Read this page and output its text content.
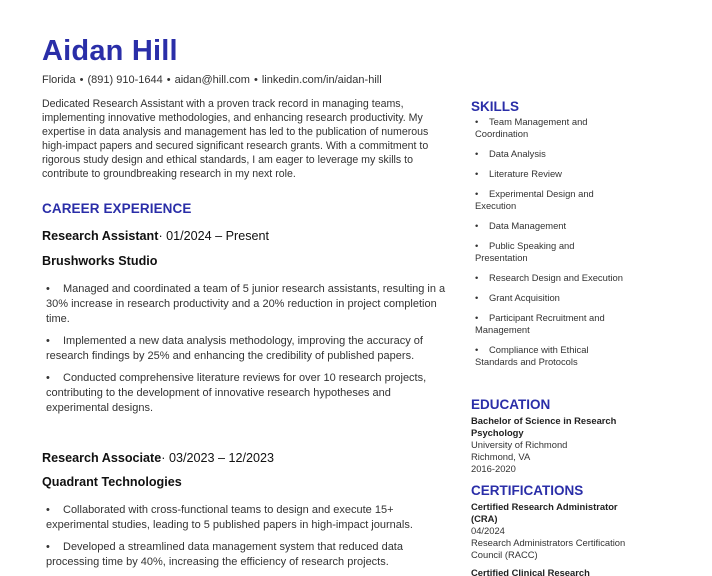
Aidan Hill
Florida • (891) 910-1644 • aidan@hill.com • linkedin.com/in/aidan-hill

Dedicated Research Assistant with a proven track record in managing teams, implementing innovative methodologies, and enhancing research productivity. My expertise in data analysis and management has led to the publication of numerous high-impact papers and secured significant research grants. With a commitment to rigorous study design and ethical standards, I am eager to leverage my skills to contribute to groundbreaking research in my next role.

CAREER EXPERIENCE

Research Assistant· 01/2024 – Present

Brushworks Studio

• Managed and coordinated a team of 5 junior research assistants, resulting in a 30% increase in research productivity and a 20% reduction in project completion time.
• Implemented a new data analysis methodology, improving the accuracy of research findings by 25% and enhancing the credibility of published papers.
• Conducted comprehensive literature reviews for over 10 research projects, contributing to the development of innovative research hypotheses and experimental designs.

Research Associate· 03/2023 – 12/2023

Quadrant Technologies

• Collaborated with cross-functional teams to design and execute 15+ experimental studies, leading to 5 published papers in high-impact journals.
• Developed a streamlined data management system that reduced data processing time by 40%, increasing the efficiency of research projects.
SKILLS
• Team Management and Coordination
• Data Analysis
• Literature Review
• Experimental Design and Execution
• Data Management
• Public Speaking and Presentation
• Research Design and Execution
• Grant Acquisition
• Participant Recruitment and Management
• Compliance with Ethical Standards and Protocols
EDUCATION
Bachelor of Science in Research Psychology
University of Richmond
Richmond, VA
2016-2020
CERTIFICATIONS
Certified Research Administrator (CRA)
04/2024
Research Administrators Certification Council (RACC)
Certified Clinical Research
